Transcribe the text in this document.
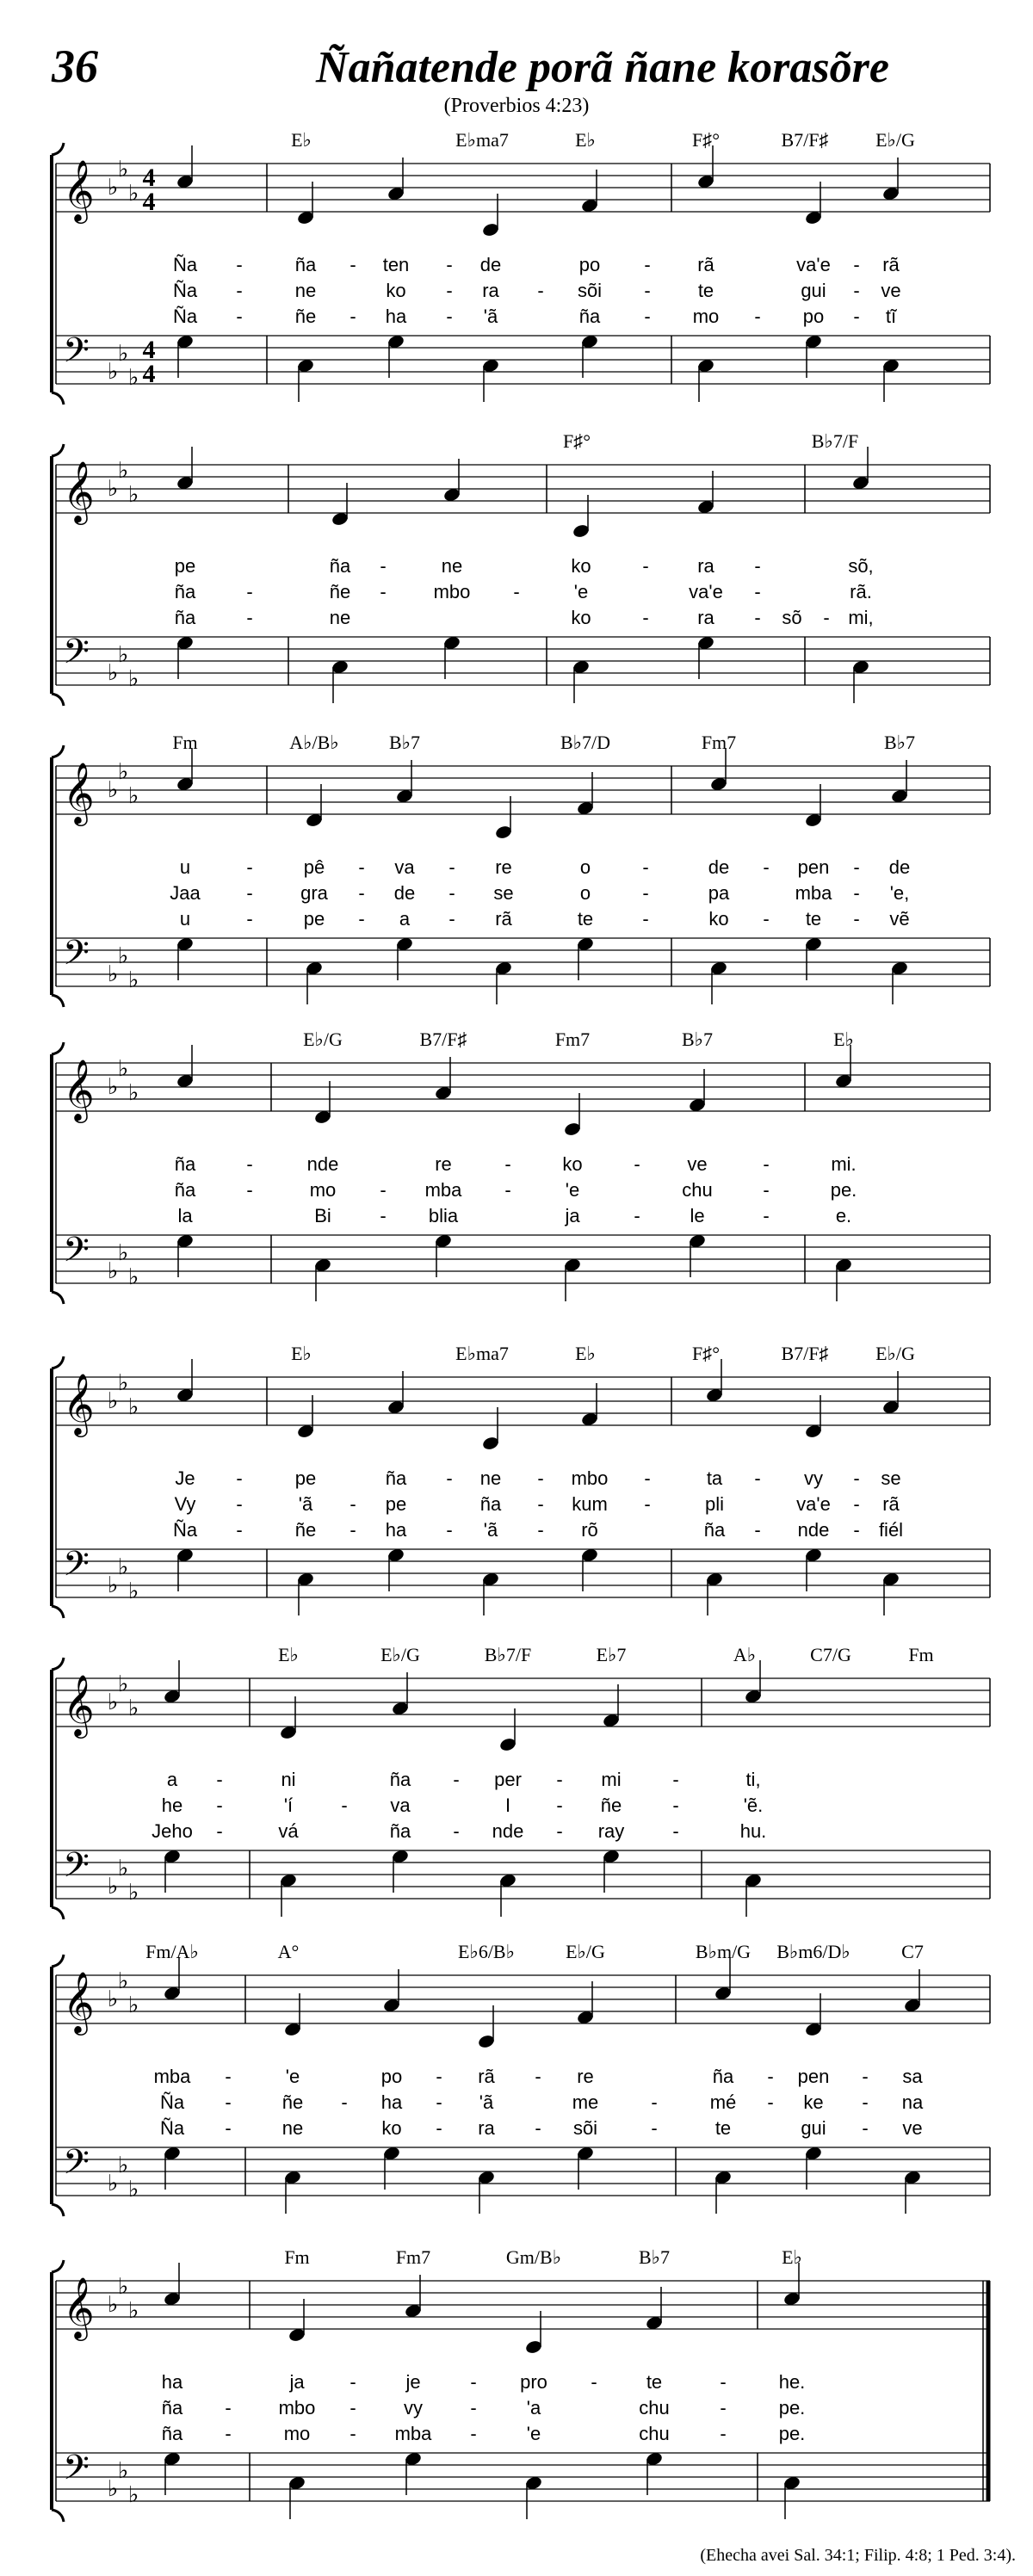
36	Ñañatende porã ñane korasõre
(Proverbios 4:23)
E♭	E♭ma7	E♭	F♯°	B7/F♯ E♭/G
𝄞
𝄢
♭
♭
♭
♭
♭
♭
4
4
4
4
Ña -	ña - ten - de	po - rã	va'e - rã
Ña -	ne	ko - ra - sõi -	te	gui - ve
Ña -	ñe - ha - 'ã	ña - mo - po - tĩ
F♯°	B♭7/F
𝄞
𝄢
♭
♭
♭
♭
♭
♭
pe	ña -	ne	ko	-	ra -	sõ,
ña	-	ñe - mbo -	'e	va'e -	rã.
ña	-	ne	ko	-	ra - sõ - mi,
Fm	A♭/B♭	B♭7	B♭7/D	Fm7	B♭7
𝄞
𝄢
♭
♭
♭
♭
♭
♭
u	-	pê - va - re	o	-	de - pen - de
Jaa -	gra - de - se	o	-	pa	mba - 'e,
u	-	pe - a - rã	te	-	ko - te - vẽ
E♭/G	B7/F♯	Fm7	B♭7	E♭
𝄞
𝄢
♭
♭
♭
♭
♭
♭
ña	-	nde	re	-	ko	- ve	-	mi.
ña	-	mo - mba -	'e	chu	-	pe.
la	Bi	- blia	ja	-	le	-	e.
E♭	E♭ma7	E♭	F♯°	B7/F♯ E♭/G
𝄞
𝄢
♭
♭
♭
♭
♭
♭
Je -	pe	ña - ne - mbo -	ta - vy - se
Vy -	'ã - pe	ña - kum -	pli	va'e - rã
Ña -	ñe - ha - 'ã - rõ	ña - nde - fiél
E♭	E♭/G	B♭7/F	E♭7	A♭	C7/G	Fm
𝄞
𝄢
♭
♭
♭
♭
♭
♭
a -	ni	ña - per - mi	-	ti,
he -	'í	- va	I - ñe	-	'ẽ.
Jeho -	vá	ña - nde - ray	-	hu.
Fm/A♭	A°	E♭6/B♭	E♭/G	B♭m/G B♭m6/D♭	C7
𝄞
𝄢
♭
♭
♭
♭
♭
♭
mba -	'e	po - rã - re	ña - pen - sa
Ña -	ñe - ha - 'ã	me	-	mé - ke - na
Ña -	ne	ko - ra - sõi	-	te	gui - ve
Fm	Fm7	Gm/B♭	B♭7	E♭
𝄞
𝄢
♭
♭
♭
♭
♭
♭
ha	ja -	je	- pro -	te	-	he.
ña - mbo -	vy	-	'a	chu	-	pe.
ña -	mo - mba -	'e	chu	-	pe.
(Ehecha avei Sal. 34:1; Filip. 4:8; 1 Ped. 3:4).
